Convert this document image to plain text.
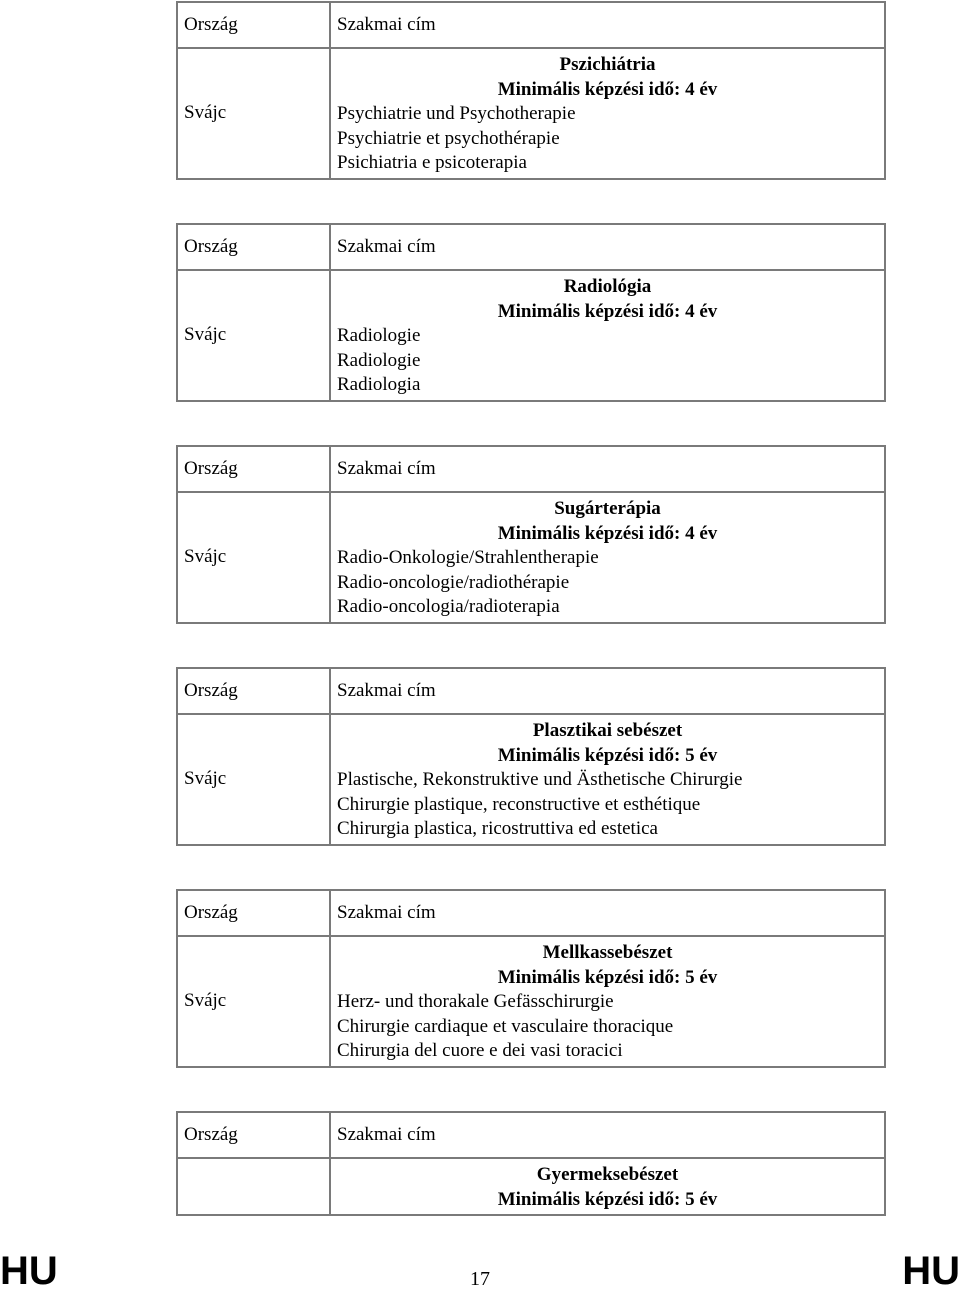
Ország	Szakmai cím
Svájc	Pszichiátria
Minimális képzési idő: 4 év
Psychiatrie und Psychotherapie
Psychiatrie et psychothérapie
Psichiatria e psicoterapia
Ország	Szakmai cím
Svájc	Radiológia
Minimális képzési idő: 4 év
Radiologie
Radiologie
Radiologia
Ország	Szakmai cím
Svájc	Sugárterápia
Minimális képzési idő: 4 év
Radio-Onkologie/Strahlentherapie
Radio-oncologie/radiothérapie
Radio-oncologia/radioterapia
Ország	Szakmai cím
Svájc	Plasztikai sebészet
Minimális képzési idő: 5 év
Plastische, Rekonstruktive und Ästhetische Chirurgie
Chirurgie plastique, reconstructive et esthétique
Chirurgia plastica, ricostruttiva ed estetica
Ország	Szakmai cím
Svájc	Mellkassebészet
Minimális képzési idő: 5 év
Herz- und thorakale Gefässchirurgie
Chirurgie cardiaque et vasculaire thoracique
Chirurgia del cuore e dei vasi toracici
Ország	Szakmai cím

	Gyermeksebészet
Minimális képzési idő: 5 év
HU	17	HU
